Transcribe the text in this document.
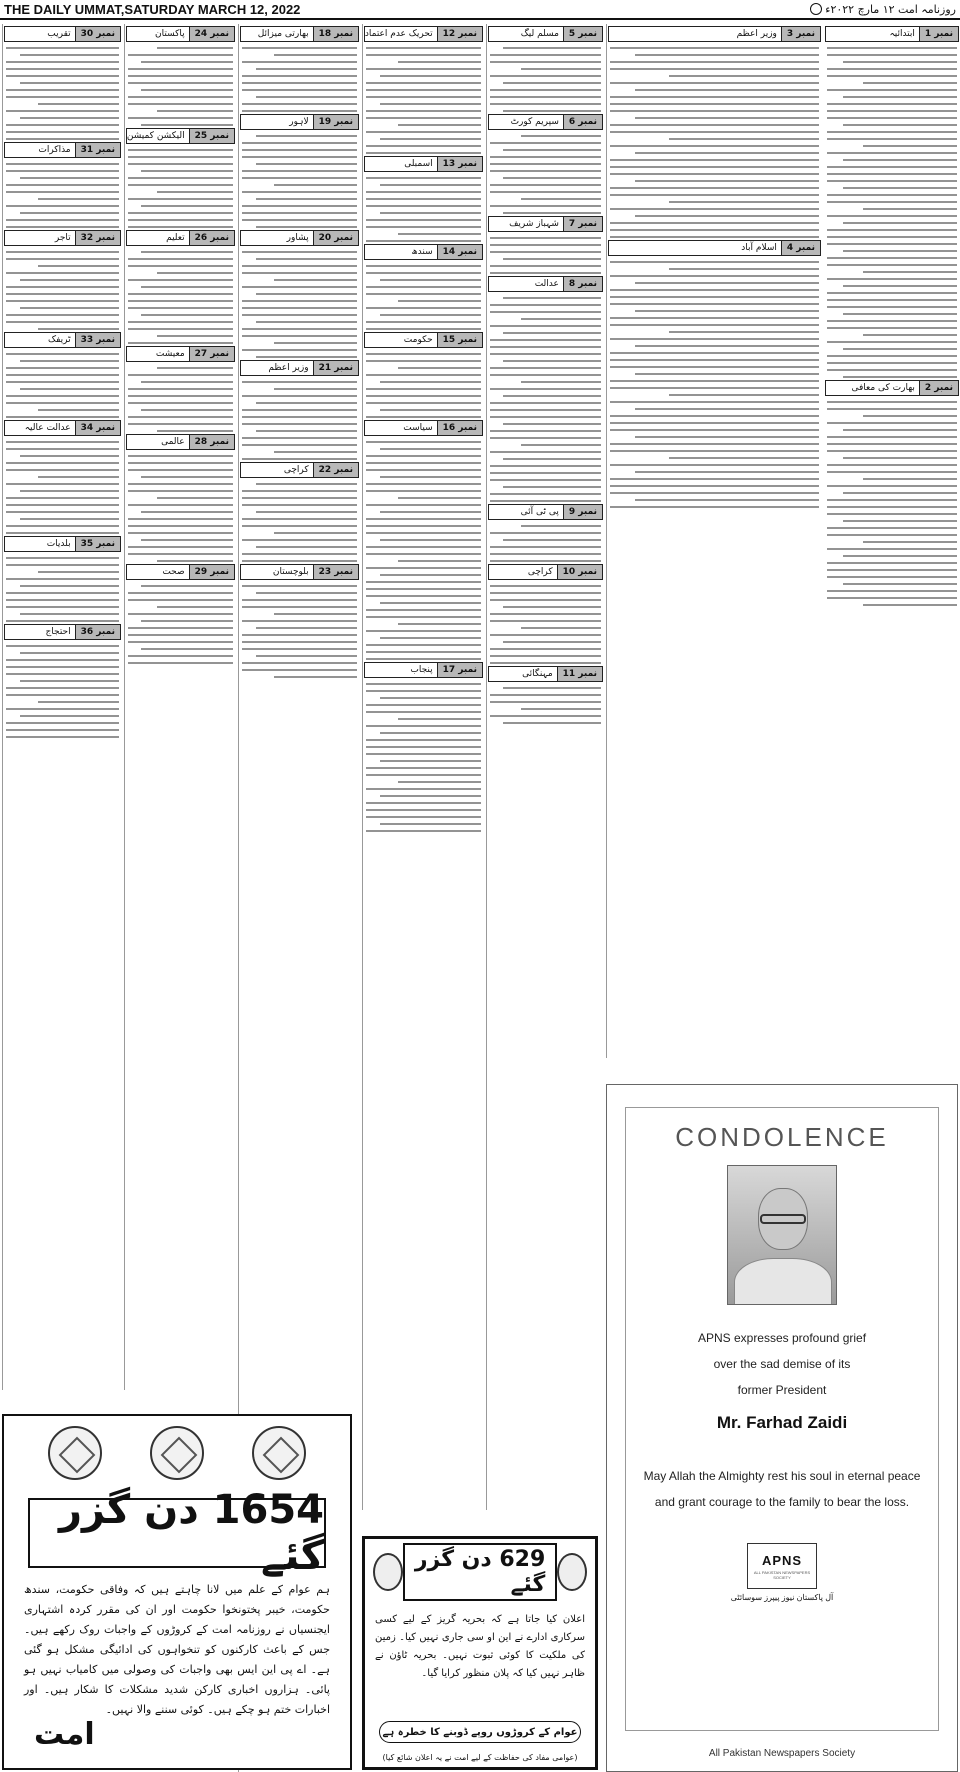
THE DAILY UMMAT,SATURDAY MARCH 12, 2022	روزنامہ امت ۱۲ مارچ ۲۰۲۲ء
نمبر 1
ابتدائیہ
نمبر 2
بھارت کی معافی
نمبر 3
وزیر اعظم
نمبر 4
اسلام آباد
نمبر 5
مسلم لیگ
نمبر 6
سپریم کورٹ
نمبر 7
شہباز شریف
نمبر 8
عدالت
نمبر 9
پی ٹی آئی
نمبر 10
کراچی
نمبر 11
مہنگائی
نمبر 12
تحریک عدم اعتماد
نمبر 13
اسمبلی
نمبر 14
سندھ
نمبر 15
حکومت
نمبر 16
سیاست
نمبر 17
پنجاب
نمبر 18
بھارتی میزائل
نمبر 19
لاہور
نمبر 20
پشاور
نمبر 21
وزیر اعظم
نمبر 22
کراچی
نمبر 23
بلوچستان
نمبر 24
پاکستان
نمبر 25
الیکشن کمیشن
نمبر 26
تعلیم
نمبر 27
معیشت
نمبر 28
عالمی
نمبر 29
صحت
نمبر 30
تقریب
نمبر 31
مذاکرات
نمبر 32
تاجر
نمبر 33
ٹریفک
نمبر 34
عدالت عالیہ
نمبر 35
بلدیات
نمبر 36
احتجاج
CONDOLENCE
APNS expresses profound grief
over the sad demise of its
former President
Mr. Farhad Zaidi
May Allah the Almighty rest his soul in eternal peace
and grant courage to the family to bear the loss.
APNS
ALL PAKISTAN NEWSPAPERS SOCIETY
آل پاکستان نیوز پیپرز سوسائٹی
All Pakistan Newspapers Society
1654 دن گزر گئے

ہم عوام کے علم میں لانا چاہتے ہیں کہ وفاقی حکومت، سندھ حکومت، خیبر پختونخوا حکومت اور ان کی مقرر کردہ اشتہاری ایجنسیاں نے روزنامہ امت کے کروڑوں کے واجبات روک رکھے ہیں۔ جس کے باعث کارکنوں کو تنخواہوں کی ادائیگی مشکل ہو گئی ہے۔ اے پی این ایس بھی واجبات کی وصولی میں کامیاب نہیں ہو پائی۔ ہزاروں اخباری کارکن شدید مشکلات کا شکار ہیں۔ اور اخبارات ختم ہو چکے ہیں۔ کوئی سننے والا نہیں۔

امت
629 دن گزر گئے

اعلان کیا جاتا ہے کہ بحریہ گریز کے لیے کسی سرکاری ادارے نے این او سی جاری نہیں کیا۔ زمین کی ملکیت کا کوئی ثبوت نہیں۔ بحریہ ٹاؤن نے ظاہر نہیں کیا کہ پلان منظور کرایا گیا۔

عوام کے کروڑوں روپے ڈوبنے کا خطرہ ہے
(عوامی مفاد کی حفاظت کے لیے امت نے یہ اعلان شائع کیا)
